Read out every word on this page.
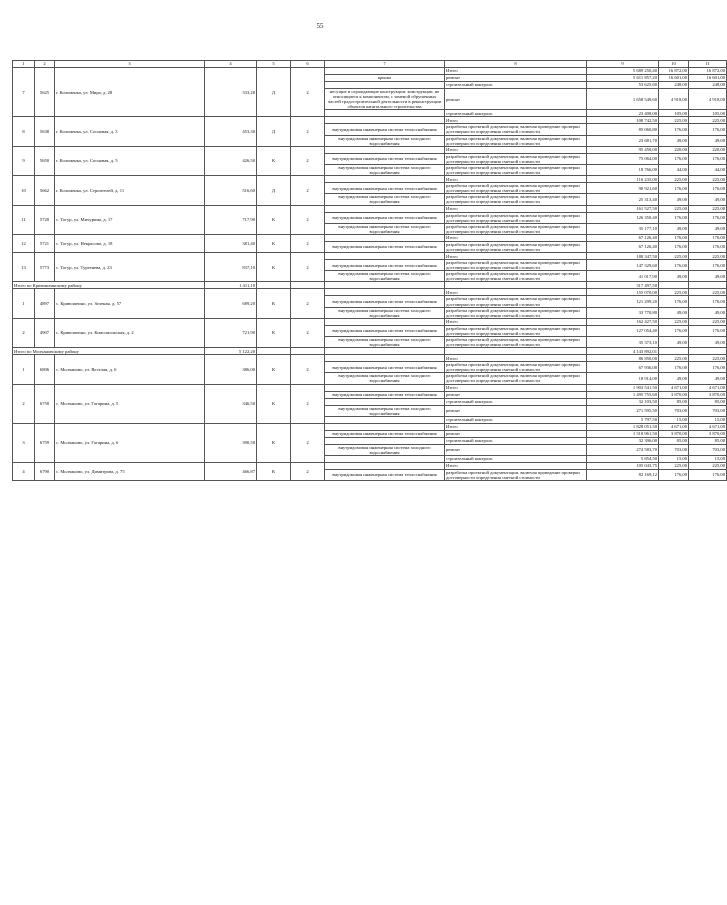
55
1	2	3	4	5	6	7	8	9	10	11
7	5625	г. Коломенка, ул. Мира, д. 28	333,20	Д	2		Итого	5 689 250,40	16 872,00	16 872,00
						крыша	ремонт	5 611 857,20	16 601,00	16 601,00
							строительный контроль	53 625,60	248,00	248,00
						несущие и ограждающие конструкции: конструкции, не относящиеся к компонентам, с заменой обрушенных частей градостроительной деятельности в реконструкции объектов капитального строительства	ремонт	1 658 549,60	4 918,00	4 918,00
							строительный контроль	23 408,00	105,00	105,00
8	5638	г. Коломенка, ул. Сосновая, д. 3	453,30	Д	2		Итого	108 742,50	225,00	225,00
						внутридомовая инженерная система теплоснабжения	разработка проектной документации, включая проведение проверки достоверности определения сметной стоимости	85 060,80	176,00	176,00
						внутридомовая инженерная система холодного водоснабжения	разработка проектной документации, включая проведение проверки достоверности определения сметной стоимости	23 681,70	49,00	49,00
9	5650	г. Коломенка, ул. Сосновая, д. 5	426,50	К	2		Итого	95 450,00	220,00	220,00
						внутридомовая инженерная система теплоснабжения	разработка проектной документации, включая проведение проверки достоверности определения сметной стоимости	75 064,00	176,00	176,00
						внутридомовая инженерная система холодного водоснабжения	разработка проектной документации, включая проведение проверки достоверности определения сметной стоимости	18 766,00	44,00	44,00
10	5662	г. Коломенка, ул. Строителей, д. 11	516,60	Д	2		Итого	116 235,00	225,00	225,00
						внутридомовая инженерная система теплоснабжения	разработка проектной документации, включая проведение проверки достоверности определения сметной стоимости	90 921,60	176,00	176,00
						внутридомовая инженерная система холодного водоснабжения	разработка проектной документации, включая проведение проверки достоверности определения сметной стоимости	25 313,40	49,00	49,00
11	5720	с. Тогур, ул. Мичурина, д. 17	717,90	К	2		Итого	161 527,50	225,00	225,00
						внутридомовая инженерная система теплоснабжения	разработка проектной документации, включая проведение проверки достоверности определения сметной стоимости	126 350,40	176,00	176,00
						внутридомовая инженерная система холодного водоснабжения	разработка проектной документации, включая проведение проверки достоверности определения сметной стоимости	35 177,10	49,00	49,00
12	5721	с. Тогур, ул. Некрасова, д. 18	381,40	К	2		Итого	67 126,40	176,00	176,00
						внутридомовая инженерная система теплоснабжения	разработка проектной документации, включая проведение проверки достоверности определения сметной стоимости	67 126,40	176,00	176,00
13	5773	с. Тогур, ул. Тургенева, д. 23	837,10	К	2		Итого	188 347,50	225,00	225,00
						внутридомовая инженерная система теплоснабжения	разработка проектной документации, включая проведение проверки достоверности определения сметной стоимости	147 329,60	176,00	176,00
						внутридомовая инженерная система холодного водоснабжения	разработка проектной документации, включая проведение проверки достоверности определения сметной стоимости	41 017,90	49,00	49,00
Итого по Кривошеинскому району			1 411,10					317 497,50		
1	4897	с. Кривошеино, ул. Зеленая, д. 57	689,20	К	2		Итого	155 070,00	225,00	225,00
						внутридомовая инженерная система теплоснабжения	разработка проектной документации, включая проведение проверки достоверности определения сметной стоимости	121 299,20	176,00	176,00
						внутридомовая инженерная система холодного водоснабжения	разработка проектной документации, включая проведение проверки достоверности определения сметной стоимости	33 770,80	49,00	49,00
2	4907	с. Кривошеино, ул. Комсомольская, д. 2	721,90	К	2		Итого	162 427,50	225,00	225,00
						внутридомовая инженерная система теплоснабжения	разработка проектной документации, включая проведение проверки достоверности определения сметной стоимости	127 054,40	176,00	176,00
						внутридомовая инженерная система холодного водоснабжения	разработка проектной документации, включая проведение проверки достоверности определения сметной стоимости	35 373,10	49,00	49,00
Итого по Молчановскому району			5 122,20					4 143 892,01		
1	6806	с. Молчаново, ул. Веселая, д. 6	386,00	К	2		Итого	86 850,00	225,00	225,00
						внутридомовая инженерная система теплоснабжения	разработка проектной документации, включая проведение проверки достоверности определения сметной стоимости	67 936,00	176,00	176,00
						внутридомовая инженерная система холодного водоснабжения	разработка проектной документации, включая проведение проверки достоверности определения сметной стоимости	18 914,00	49,00	49,00
2	6758	с. Молчаново, ул. Гагарина, д. 5	346,50	К	2		Итого	1 903 541,50	4 671,00	4 671,00
						внутридомовая инженерная система теплоснабжения	ремонт	1 495 755,60	3 870,00	3 870,00
							строительный контроль	32 103,50	85,00	85,00
						внутридомовая инженерная система холодного водоснабжения	ремонт	271 595,50	703,00	703,00
							строительный контроль	5 797,50	15,00	15,00
3	6759	с. Молчаново, ул. Гагарина, д. 6	390,50	К	2		Итого	1 828 051,50	4 671,00	4 671,00
						внутридомовая инженерная система теплоснабжения	ремонт	1 510 961,50	3 870,00	3 870,00
							строительный контроль	32 396,00	85,00	85,00
						внутридомовая инженерная система холодного водоснабжения	ремонт	274 583,70	703,00	703,00
							строительный контроль	5 854,50	15,00	15,00
4	6790	с. Молчаново, ул. Димитрова, д. 75	466,87	К	2		Итого	105 043,75	225,00	225,00
						внутридомовая инженерная система теплоснабжения	разработка проектной документации, включая проведение проверки достоверности определения сметной стоимости	82 169,12	176,00	176,00
